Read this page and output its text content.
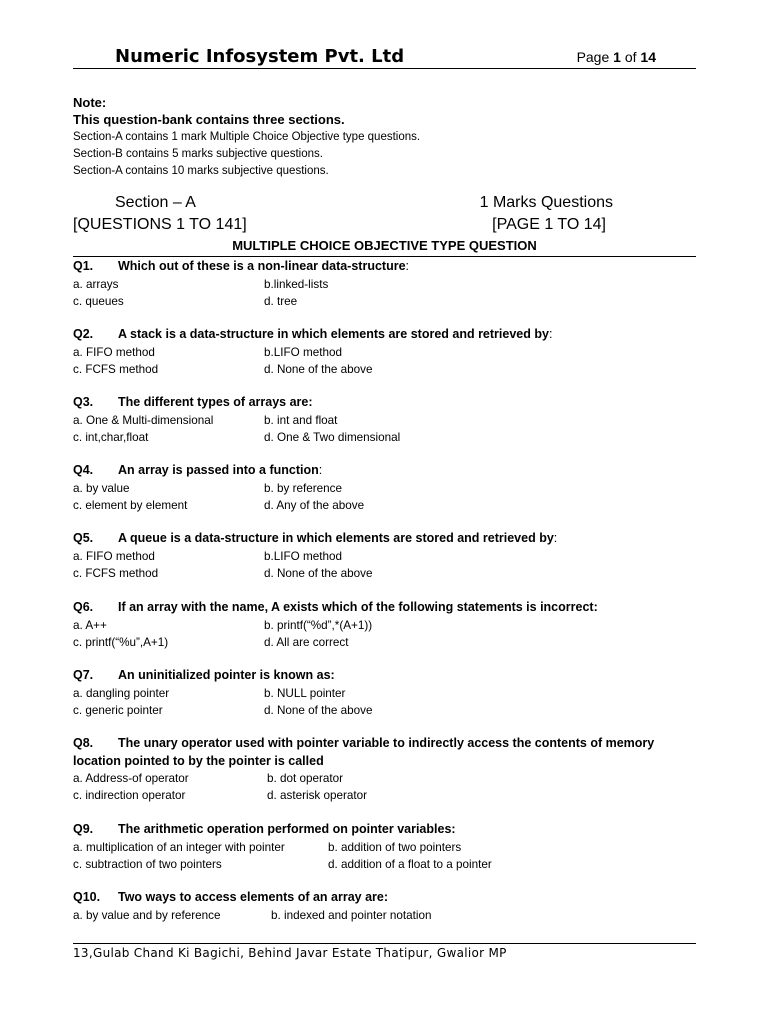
Numeric Infosystem Pvt. Ltd	Page 1 of 14
Note:
This question-bank contains three sections.
Section-A contains 1 mark Multiple Choice Objective type questions.
Section-B contains 5 marks subjective questions.
Section-A contains 10 marks subjective questions.
Section – A	1 Marks Questions
[QUESTIONS 1 TO 141]	[PAGE 1 TO 14]
MULTIPLE CHOICE OBJECTIVE TYPE QUESTION
Q1.	Which out of these is a non-linear data-structure:
a. arrays	b.linked-lists
c. queues	d. tree
Q2.	A stack is a data-structure in which elements are stored and retrieved by:
a. FIFO method	b.LIFO method
c. FCFS method	d. None of the above
Q3.	The different types of arrays are:
a. One & Multi-dimensional	b. int and float
c. int,char,float	d. One & Two dimensional
Q4.	An array is passed into a function:
a. by value	b. by reference
c. element by element	d. Any of the above
Q5.	A queue is a data-structure in which elements are stored and retrieved by:
a. FIFO method	b.LIFO method
c. FCFS method	d. None of the above
Q6.	If an array with the name, A exists which of the following statements is incorrect:
a. A++	b. printf(“%d”,*(A+1))
c. printf(“%u”,A+1)	d. All are correct
Q7.	An uninitialized pointer is known as:
a. dangling pointer	b. NULL pointer
c. generic pointer	d. None of the above
Q8. The unary operator used with pointer variable to indirectly access the contents of memory location pointed to by the pointer is called
a. Address-of operator	b. dot operator
c. indirection operator	d. asterisk operator
Q9.	The arithmetic operation performed on pointer variables:
a. multiplication of an integer with pointer	b. addition of two pointers
c. subtraction of two pointers	d. addition of a float to a pointer
Q10.	Two ways to access elements of an array are:
a. by value and by reference	b. indexed and pointer notation
13,Gulab Chand Ki Bagichi, Behind Javar Estate Thatipur, Gwalior MP
